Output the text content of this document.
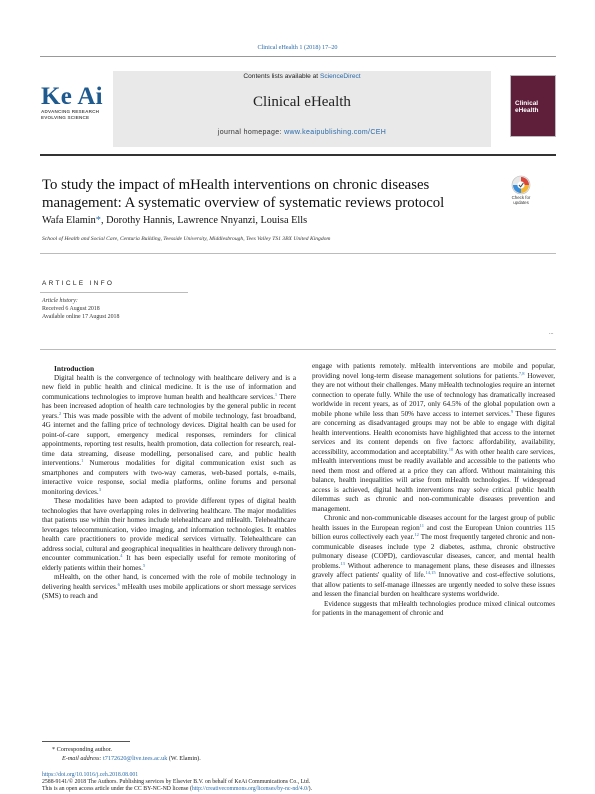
Clinical eHealth 1 (2018) 17–20
Ke Ai
ADVANCING RESEARCH
EVOLVING SCIENCE
Contents lists available at ScienceDirect
Clinical eHealth
journal homepage: www.keaipublishing.com/CEH
Clinical
eHealth
To study the impact of mHealth interventions on chronic diseases
management: A systematic overview of systematic reviews protocol	Check for
updates
Wafa Elamin*, Dorothy Hannis, Lawrence Nnyanzi, Louisa Ells
School of Health and Social Care, Centuria Building, Teesside University, Middlesbrough, Tees Valley TS1 3BX United Kingdom
ARTICLE INFO
Article history:
Received 6 August 2018
Available online 17 August 2018
...

Introduction

Digital health is the convergence of technology with healthcare delivery and is a new field in public health and clinical medicine. It is the use of information and communications technologies to improve human health and healthcare services.$^1$ There has been increased adoption of health care technologies by the general public in recent years.$^2$ This was made possible with the advent of mobile technology, fast broadband, 4G internet and the falling price of technology devices. Digital health can be used for point-of-care support, emergency medical responses, reminders for clinical appointments, reporting test results, health promotion, data collection for research, real-time data streaming, disease modelling, personalised care, and public health interventions.$^1$ Numerous modalities for digital communication exist such as smartphones and computers with two-way cameras, web-based portals, e-mails, interactive voice response, social media platforms, online forums and personal monitoring devices.$^3$

These modalities have been adapted to provide different types of digital health technologies that have overlapping roles in delivering healthcare. The major modalities that patients use within their homes include telehealthcare and mHealth. Telehealthcare leverages telecommunication, video imaging, and information technologies. It enables health care practitioners to provide medical services virtually. Telehealthcare can address social, cultural and geographical inequalities in healthcare delivery through non-encounter communication.$^4$ It has been especially useful for remote monitoring of elderly patients within their homes.$^5$

mHealth, on the other hand, is concerned with the role of mobile technology in delivering health services.$^6$ mHealth uses mobile applications or short message services (SMS) to reach and

engage with patients remotely. mHealth interventions are mobile and popular, providing novel long-term disease management solutions for patients.$^{7,8}$ However, they are not without their challenges. Many mHealth technologies require an internet connection to operate fully. While the use of technology has dramatically increased worldwide in recent years, as of 2017, only 64.5% of the global population own a mobile phone while less than 50% have access to internet services.$^9$ These figures are concerning as disadvantaged groups may not be able to engage with digital health interventions. Health economists have highlighted that access to the internet services and its content depends on five factors: affordability, availability, accessibility, accommodation and acceptability.$^{10}$ As with other health care services, mHealth interventions must be readily available and accessible to the patients who need them most and offered at a price they can afford. Without maintaining this balance, health inequalities will arise from mHealth technologies. If widespread access is achieved, digital health interventions may solve critical public health dilemmas such as chronic and non-communicable diseases prevention and management.

Chronic and non-communicable diseases account for the largest group of public health issues in the European region$^{11}$ and cost the European Union countries 115 billion euros collectively each year.$^{12}$ The most frequently targeted chronic and non-communicable diseases include type 2 diabetes, asthma, chronic obstructive pulmonary disease (COPD), cardiovascular diseases, cancer, and mental health problems.$^{13}$ Without adherence to management plans, these diseases and illnesses gravely affect patients' quality of life.$^{14,15}$ Innovative and cost-effective solutions, that allow patients to self-manage illnesses are urgently needed to solve these issues and lessen the financial burden on healthcare systems worldwide.

Evidence suggests that mHealth technologies produce mixed clinical outcomes for patients in the management of chronic and

* Corresponding author.
E-mail address: t7172620@live.tees.ac.uk (W. Elamin).
https://doi.org/10.1016/j.ceh.2018.08.001
2588-9141/© 2018 The Authors. Publishing services by Elsevier B.V. on behalf of KeAi Communications Co., Ltd.
This is an open access article under the CC BY-NC-ND license (http://creativecommons.org/licenses/by-nc-nd/4.0/).
